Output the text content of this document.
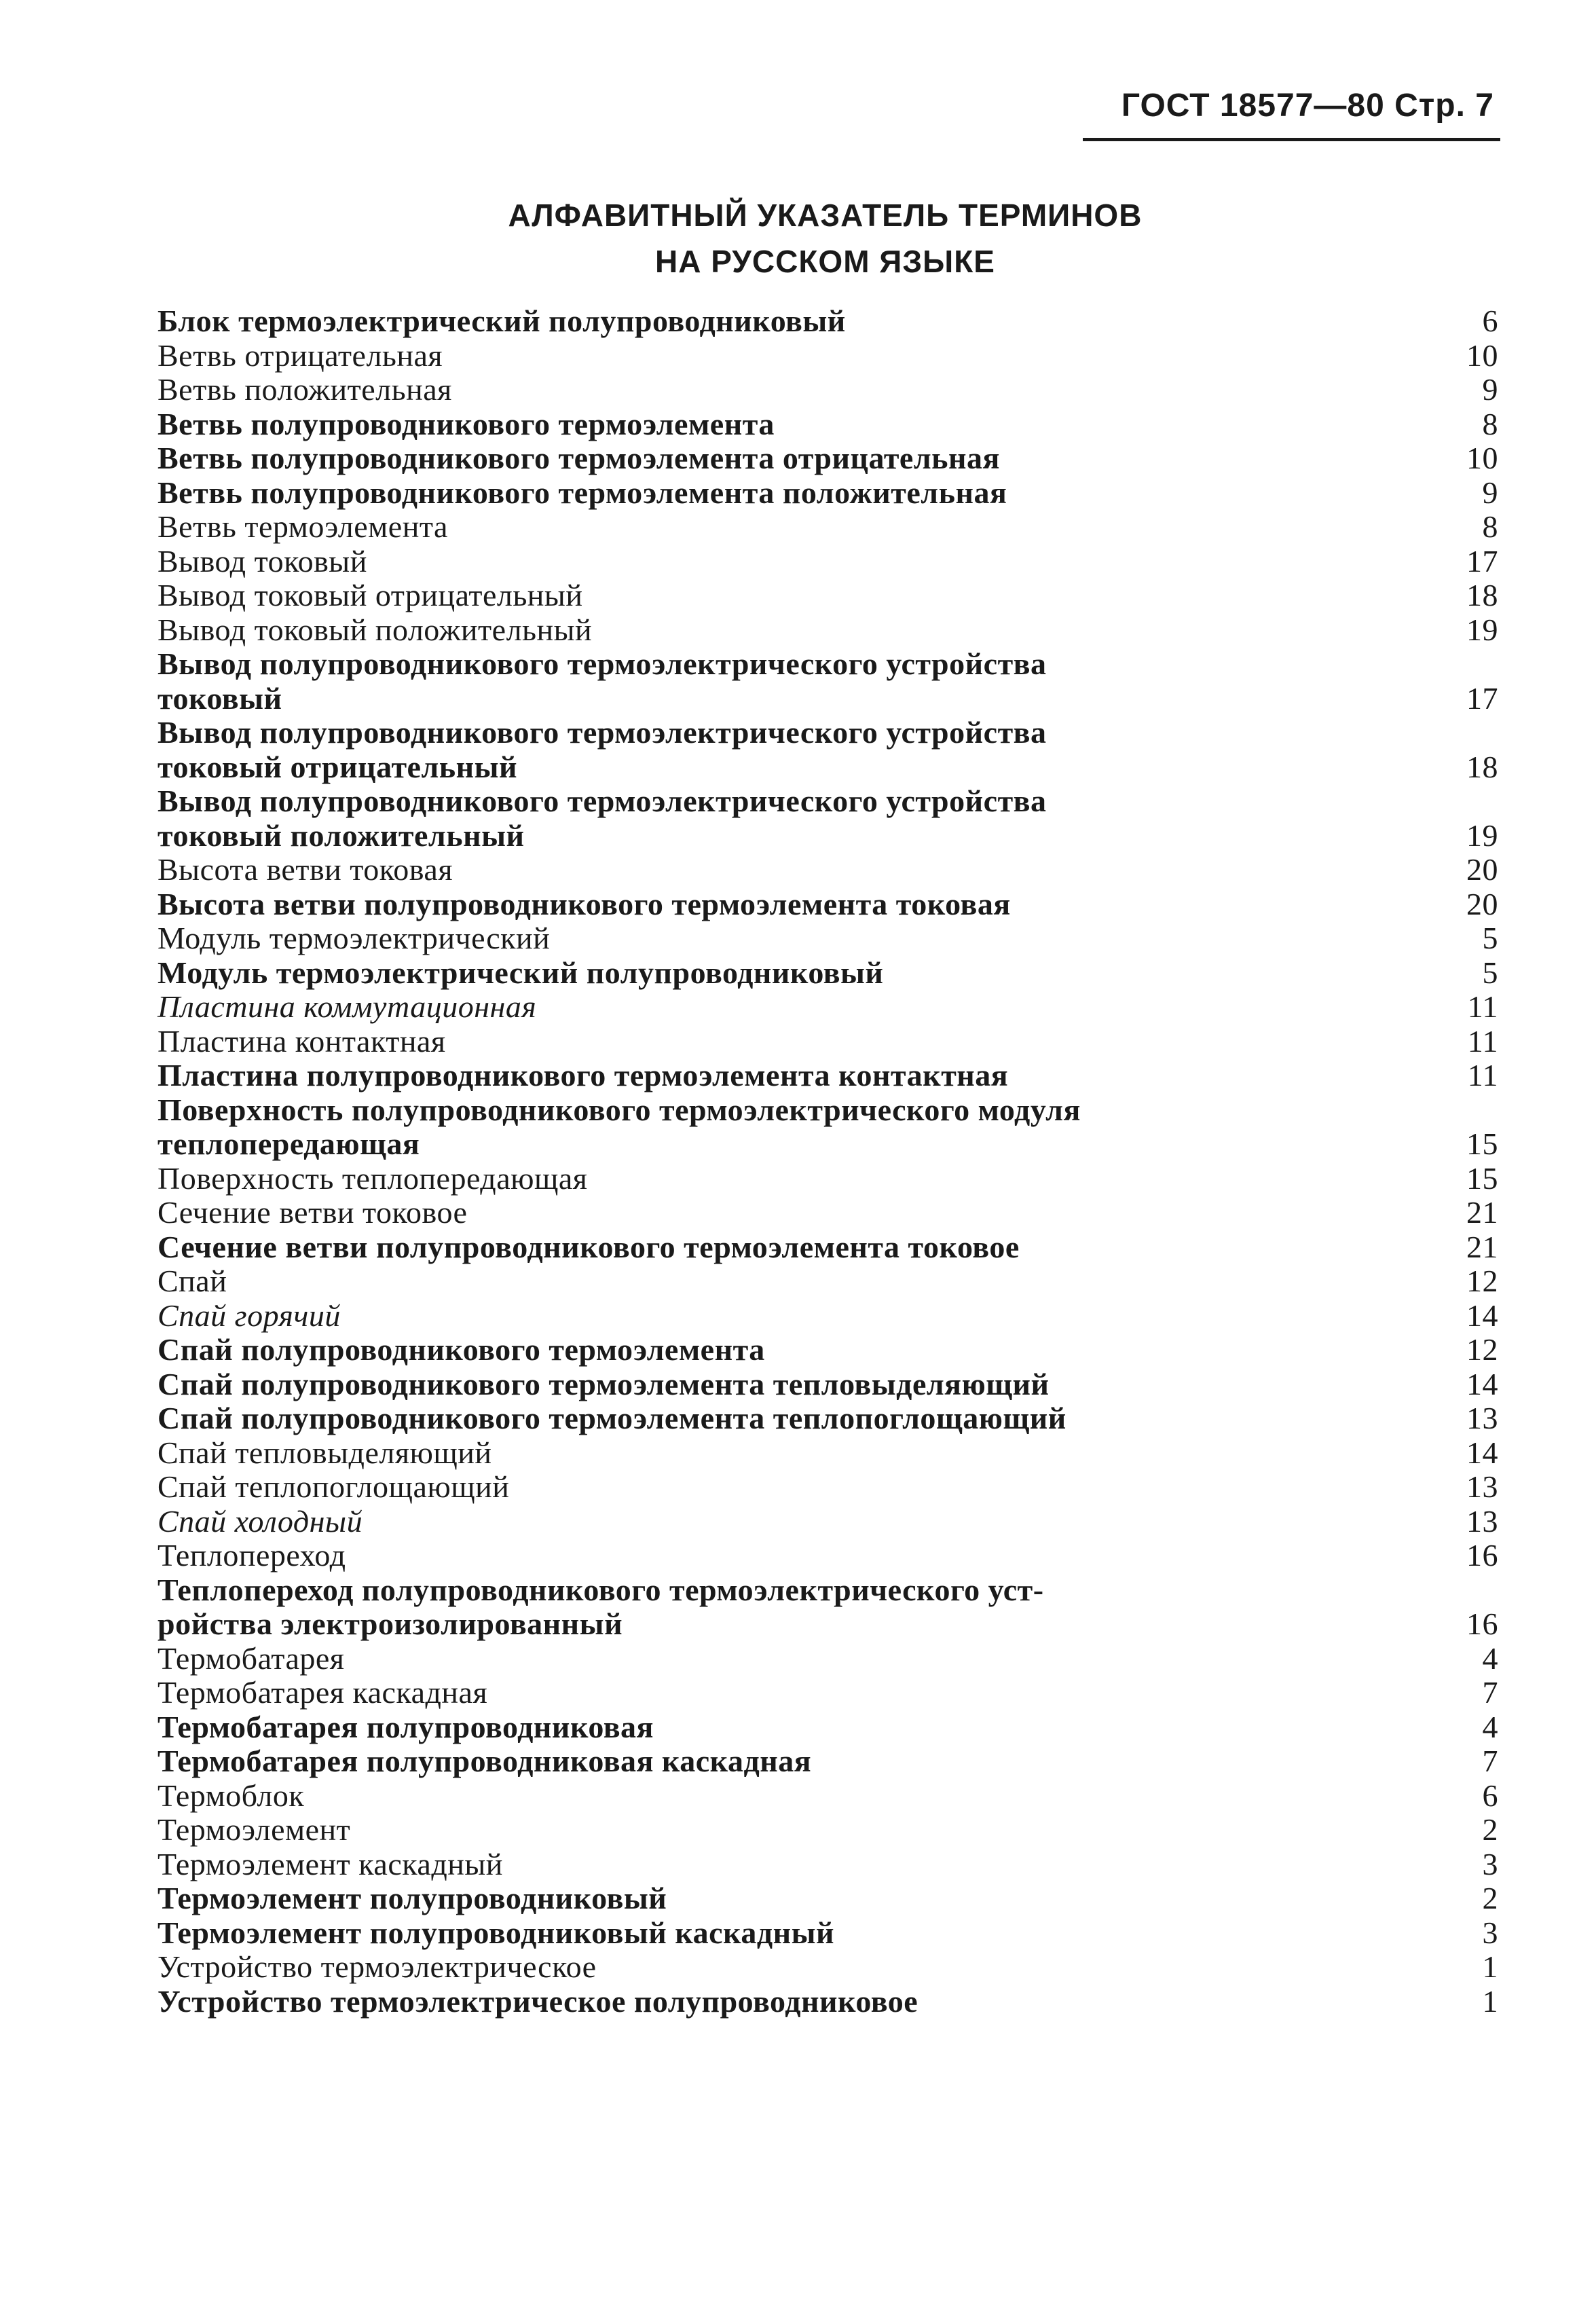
ГОСТ 18577—80 Стр. 7
АЛФАВИТНЫЙ УКАЗАТЕЛЬ ТЕРМИНОВ
НА РУССКОМ ЯЗЫКЕ
Блок термоэлектрический полупроводниковый	6
Ветвь отрицательная	10
Ветвь положительная	9
Ветвь полупроводникового термоэлемента	8
Ветвь полупроводникового термоэлемента отрицательная	10
Ветвь полупроводникового термоэлемента положительная	9
Ветвь термоэлемента	8
Вывод токовый	17
Вывод токовый отрицательный	18
Вывод токовый положительный	19
Вывод полупроводникового термоэлектрического устройства
токовый	17
Вывод полупроводникового термоэлектрического устройства
токовый отрицательный	18
Вывод полупроводникового термоэлектрического устройства
токовый положительный	19
Высота ветви токовая	20
Высота ветви полупроводникового термоэлемента токовая	20
Модуль термоэлектрический	5
Модуль термоэлектрический полупроводниковый	5
Пластина коммутационная	11
Пластина контактная	11
Пластина полупроводникового термоэлемента контактная	11
Поверхность полупроводникового термоэлектрического модуля
теплопередающая	15
Поверхность теплопередающая	15
Сечение ветви токовое	21
Сечение ветви полупроводникового термоэлемента токовое	21
Спай	12
Спай горячий	14
Спай полупроводникового термоэлемента	12
Спай полупроводникового термоэлемента тепловыделяющий	14
Спай полупроводникового термоэлемента теплопоглощающий	13
Спай тепловыделяющий	14
Спай теплопоглощающий	13
Спай холодный	13
Теплопереход	16
Теплопереход полупроводникового термоэлектрического уст-
ройства электроизолированный	16
Термобатарея	4
Термобатарея каскадная	7
Термобатарея полупроводниковая	4
Термобатарея полупроводниковая каскадная	7
Термоблок	6
Термоэлемент	2
Термоэлемент каскадный	3
Термоэлемент полупроводниковый	2
Термоэлемент полупроводниковый каскадный	3
Устройство термоэлектрическое	1
Устройство термоэлектрическое полупроводниковое	1
